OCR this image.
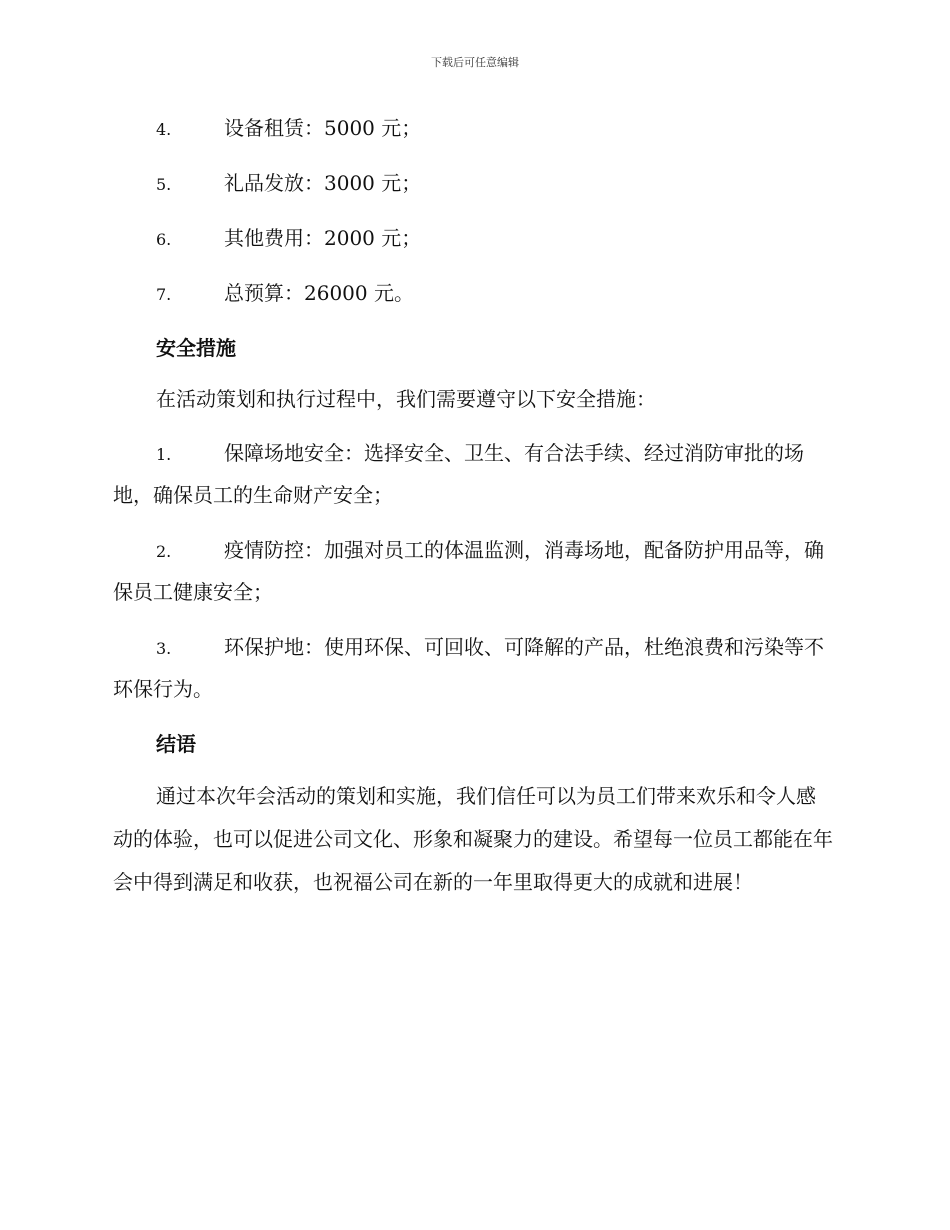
下载后可任意编辑
4.	设备租赁：5000 元；
5.	礼品发放：3000 元；
6.	其他费用：2000 元；
7.	总预算：26000 元。
安全措施
在活动策划和执行过程中，我们需要遵守以下安全措施：
1.	保障场地安全：选择安全、卫生、有合法手续、经过消防审批的场地，确保员工的生命财产安全；
2.	疫情防控：加强对员工的体温监测，消毒场地，配备防护用品等，确保员工健康安全；
3.	环保护地：使用环保、可回收、可降解的产品，杜绝浪费和污染等不环保行为。
结语
通过本次年会活动的策划和实施，我们信任可以为员工们带来欢乐和令人感动的体验，也可以促进公司文化、形象和凝聚力的建设。希望每一位员工都能在年会中得到满足和收获，也祝福公司在新的一年里取得更大的成就和进展！
